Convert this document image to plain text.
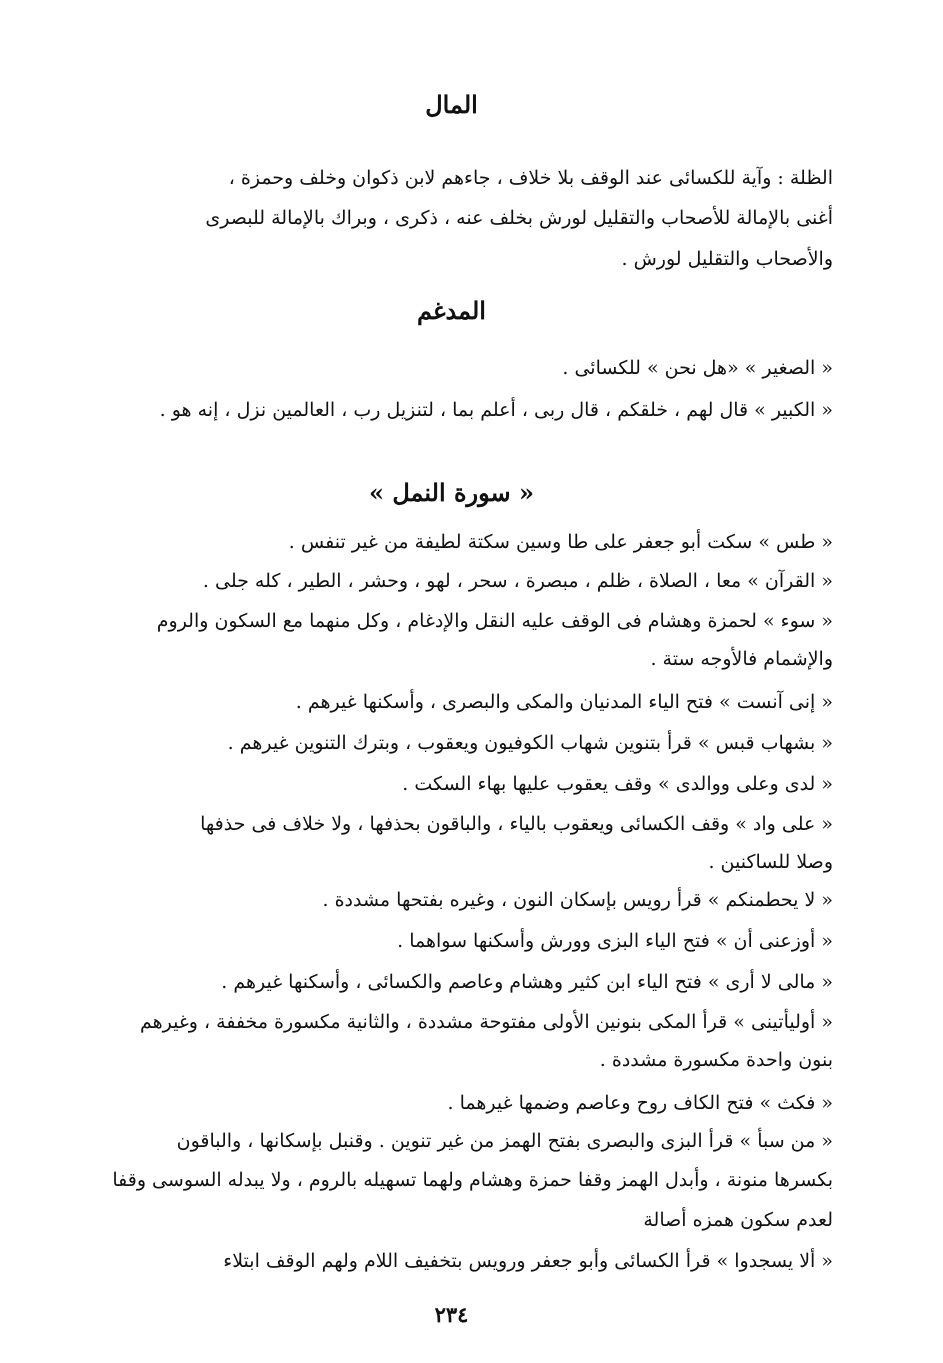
المال
الظلة : وآية للكسائى عند الوقف بلا خلاف ، جاءهم لابن ذكوان وخلف وحمزة ،
أغنى بالإمالة للأصحاب والتقليل لورش بخلف عنه ، ذكرى ، وبراك بالإمالة للبصرى
والأصحاب والتقليل لورش .
المدغم
« الصغير » «هل نحن » للكسائى .
« الكبير » قال لهم ، خلقكم ، قال ربى ، أعلم بما ، لتنزيل رب ، العالمين نزل ، إنه هو .
« سورة النمل »
« طس » سكت أبو جعفر على طا وسين سكتة لطيفة من غير تنفس .
« القرآن » معا ، الصلاة ، ظلم ، مبصرة ، سحر ، لهو ، وحشر ، الطير ، كله جلى .
« سوء » لحمزة وهشام فى الوقف عليه النقل والإدغام ، وكل منهما مع السكون والروم
والإشمام فالأوجه ستة .
« إنى آنست » فتح الياء المدنيان والمكى والبصرى ، وأسكنها غيرهم .
« بشهاب قبس » قرأ بتنوين شهاب الكوفيون ويعقوب ، وبترك التنوين غيرهم .
« لدى وعلى ووالدى » وقف يعقوب عليها بهاء السكت .
« على واد » وقف الكسائى ويعقوب بالياء ، والباقون بحذفها ، ولا خلاف فى حذفها
وصلا للساكنين .
« لا يحطمنكم » قرأ رويس بإسكان النون ، وغيره بفتحها مشددة .
« أوزعنى أن » فتح الياء البزى وورش وأسكنها سواهما .
« مالى لا أرى » فتح الياء ابن كثير وهشام وعاصم والكسائى ، وأسكنها غيرهم .
« أوليأتينى » قرأ المكى بنونين الأولى مفتوحة مشددة ، والثانية مكسورة مخففة ، وغيرهم
بنون واحدة مكسورة مشددة .
« فكث » فتح الكاف روح وعاصم وضمها غيرهما .
« من سبأ » قرأ البزى والبصرى بفتح الهمز من غير تنوين . وقنبل بإسكانها ، والباقون
بكسرها منونة ، وأبدل الهمز وقفا حمزة وهشام ولهما تسهيله بالروم ، ولا يبدله السوسى وقفا
لعدم سكون همزه أصالة
« ألا يسجدوا » قرأ الكسائى وأبو جعفر ورويس بتخفيف اللام ولهم الوقف ابتلاء
٢٣٤
